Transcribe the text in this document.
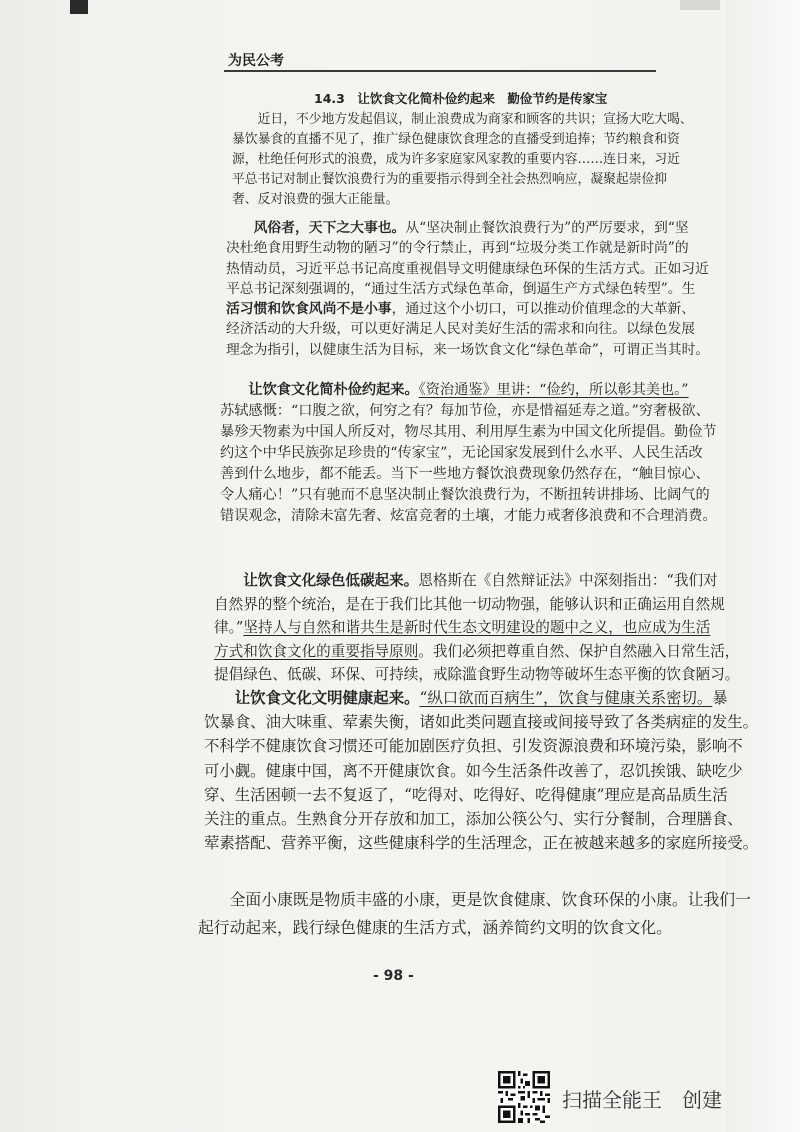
为民公考
14.3　让饮食文化简朴俭约起来　勤俭节约是传家宝
　　近日，不少地方发起倡议，制止浪费成为商家和顾客的共识；宣扬大吃大喝、
暴饮暴食的直播不见了，推广绿色健康饮食理念的直播受到追捧；节约粮食和资
源，杜绝任何形式的浪费，成为许多家庭家风家教的重要内容……连日来，习近
平总书记对制止餐饮浪费行为的重要指示得到全社会热烈响应，凝聚起崇俭抑
奢、反对浪费的强大正能量。
　　风俗者，天下之大事也。从“坚决制止餐饮浪费行为”的严厉要求，到“坚
决杜绝食用野生动物的陋习”的令行禁止，再到“垃圾分类工作就是新时尚”的
热情动员，习近平总书记高度重视倡导文明健康绿色环保的生活方式。正如习近
平总书记深刻强调的，“通过生活方式绿色革命，倒逼生产方式绿色转型”。生
活习惯和饮食风尚不是小事，通过这个小切口，可以推动价值理念的大革新、
经济活动的大升级，可以更好满足人民对美好生活的需求和向往。以绿色发展
理念为指引，以健康生活为目标，来一场饮食文化“绿色革命”，可谓正当其时。
　　让饮食文化简朴俭约起来。《资治通鉴》里讲：“俭约，所以彰其美也。”
苏轼感慨：“口腹之欲，何穷之有？每加节俭，亦是惜福延寿之道。”穷奢极欲、
暴殄天物素为中国人所反对，物尽其用、利用厚生素为中国文化所提倡。勤俭节
约这个中华民族弥足珍贵的“传家宝”，无论国家发展到什么水平、人民生活改
善到什么地步，都不能丢。当下一些地方餐饮浪费现象仍然存在，“触目惊心、
令人痛心！”只有驰而不息坚决制止餐饮浪费行为，不断扭转讲排场、比阔气的
错误观念，清除未富先奢、炫富竞奢的土壤，才能力戒奢侈浪费和不合理消费。
　　让饮食文化绿色低碳起来。恩格斯在《自然辩证法》中深刻指出：“我们对
自然界的整个统治，是在于我们比其他一切动物强，能够认识和正确运用自然规
律。”坚持人与自然和谐共生是新时代生态文明建设的题中之义，也应成为生活
方式和饮食文化的重要指导原则。我们必须把尊重自然、保护自然融入日常生活，
提倡绿色、低碳、环保、可持续，戒除滥食野生动物等破坏生态平衡的饮食陋习。
　　让饮食文化文明健康起来。“纵口欲而百病生”，饮食与健康关系密切。暴
饮暴食、油大味重、荤素失衡，诸如此类问题直接或间接导致了各类病症的发生。
不科学不健康饮食习惯还可能加剧医疗负担、引发资源浪费和环境污染，影响不
可小觑。健康中国，离不开健康饮食。如今生活条件改善了，忍饥挨饿、缺吃少
穿、生活困顿一去不复返了，“吃得对、吃得好、吃得健康”理应是高品质生活
关注的重点。生熟食分开存放和加工，添加公筷公勺、实行分餐制，合理膳食、
荤素搭配、营养平衡，这些健康科学的生活理念，正在被越来越多的家庭所接受。
　　全面小康既是物质丰盛的小康，更是饮食健康、饮食环保的小康。让我们一
起行动起来，践行绿色健康的生活方式，涵养简约文明的饮食文化。
- 98 -
扫描全能王　创建
